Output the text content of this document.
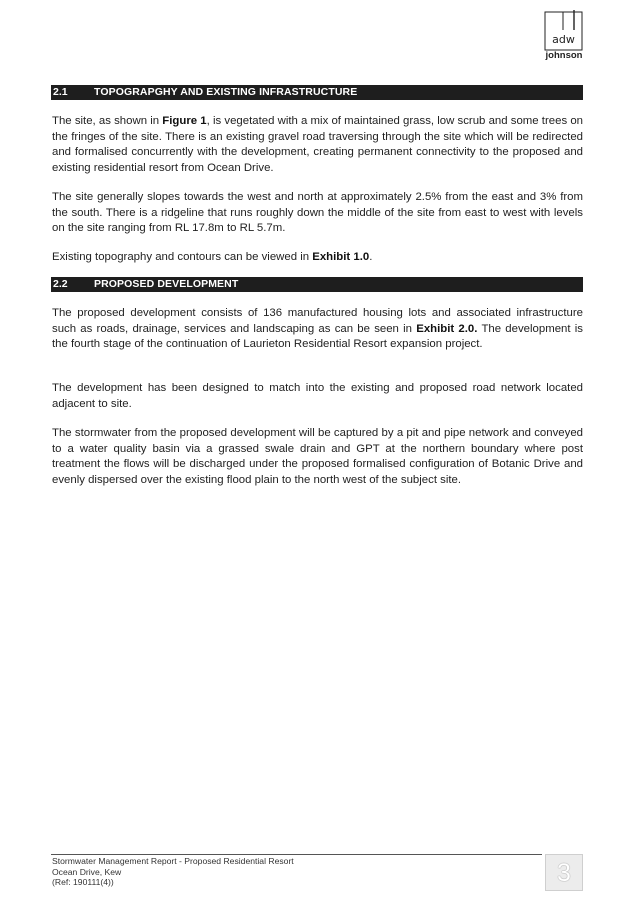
adw
johnson
2.1	TOPOGRAPGHY AND EXISTING INFRASTRUCTURE

The site, as shown in Figure 1, is vegetated with a mix of maintained grass, low scrub and some trees on the fringes of the site. There is an existing gravel road traversing through the site which will be redirected and formalised concurrently with the development, creating permanent connectivity to the proposed and existing residential resort from Ocean Drive.

The site generally slopes towards the west and north at approximately 2.5% from the east and 3% from the south. There is a ridgeline that runs roughly down the middle of the site from east to west with levels on the site ranging from RL 17.8m to RL 5.7m.

Existing topography and contours can be viewed in Exhibit 1.0.

2.2	PROPOSED DEVELOPMENT

The proposed development consists of 136 manufactured housing lots and associated infrastructure such as roads, drainage, services and landscaping as can be seen in Exhibit 2.0. The development is the fourth stage of the continuation of Laurieton Residential Resort expansion project.

The development has been designed to match into the existing and proposed road network located adjacent to site.

The stormwater from the proposed development will be captured by a pit and pipe network and conveyed to a water quality basin via a grassed swale drain and GPT at the northern boundary where post treatment the flows will be discharged under the proposed formalised configuration of Botanic Drive and evenly dispersed over the existing flood plain to the north west of the subject site.

Stormwater Management Report - Proposed Residential Resort
Ocean Drive, Kew
(Ref: 190111(4))	3
